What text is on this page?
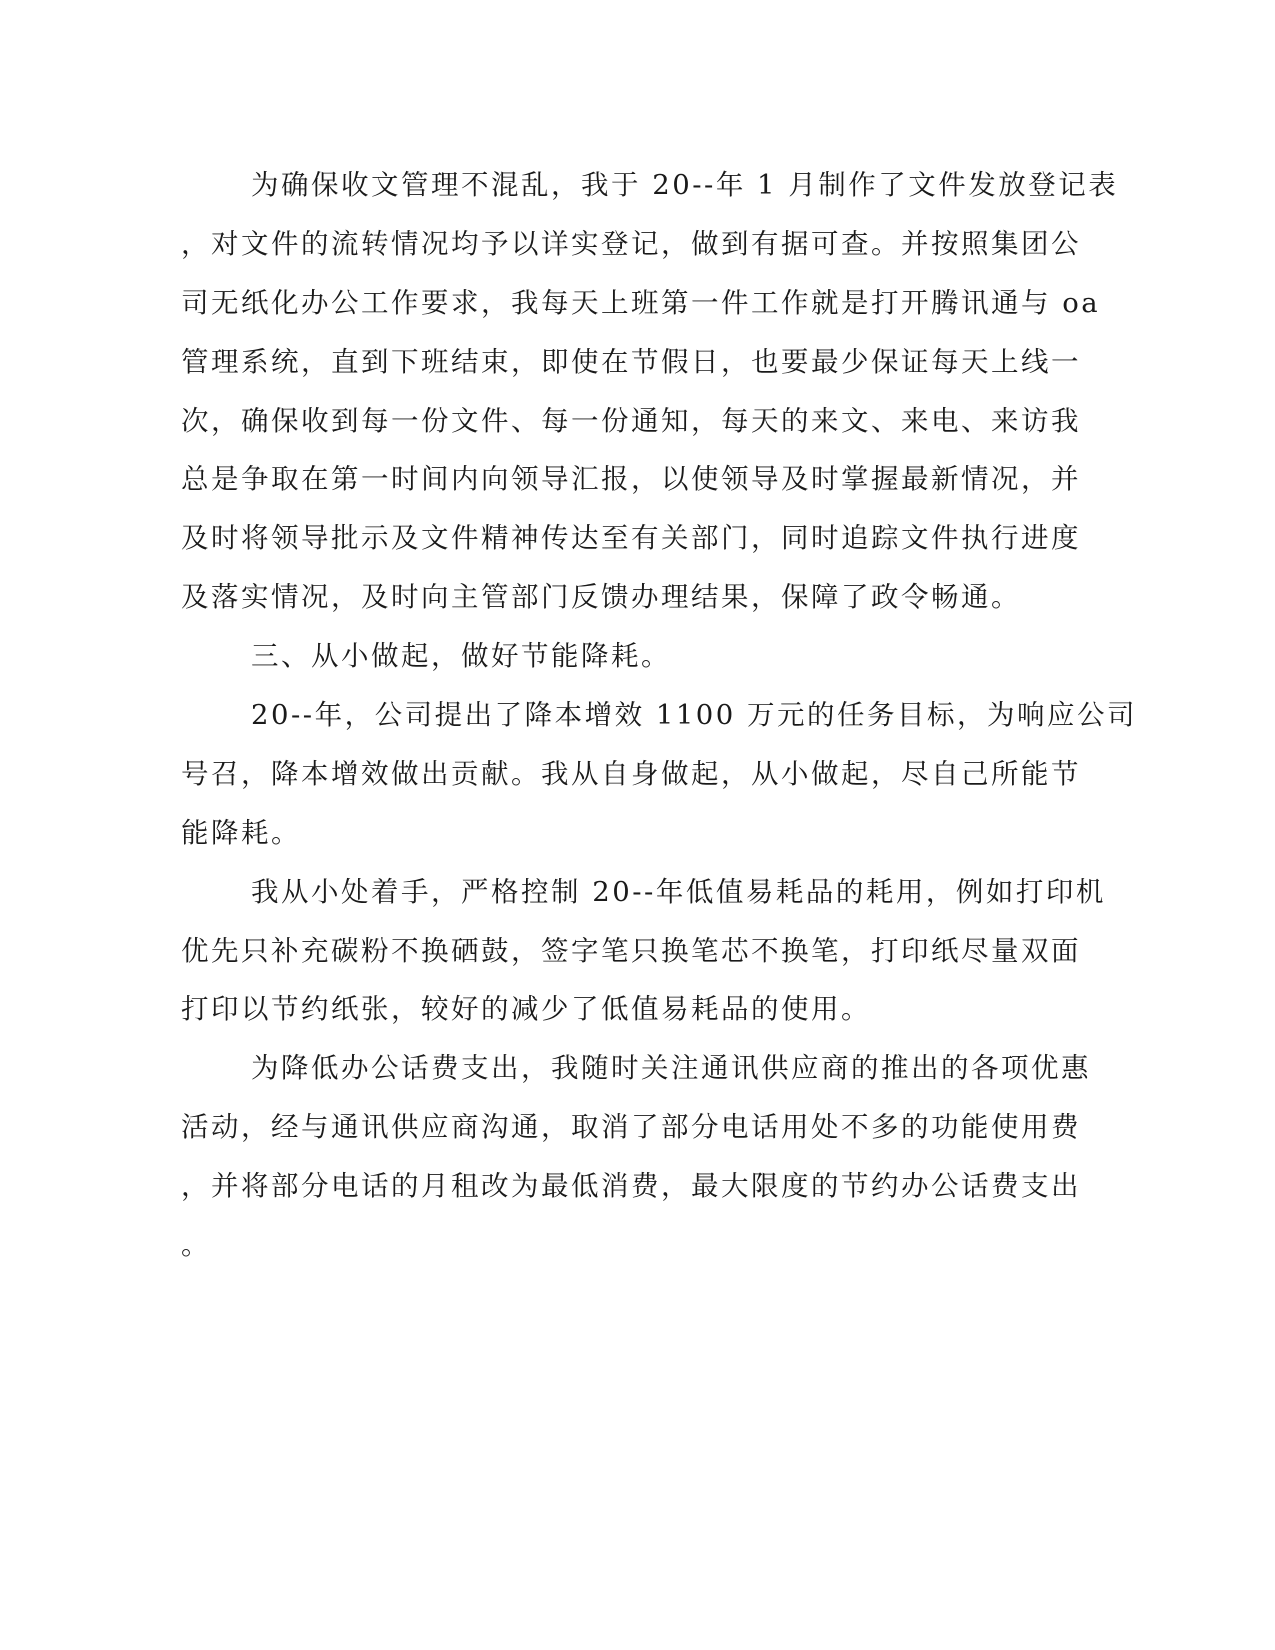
为确保收文管理不混乱，我于 20--年 1 月制作了文件发放登记表
，对文件的流转情况均予以详实登记，做到有据可查。并按照集团公
司无纸化办公工作要求，我每天上班第一件工作就是打开腾讯通与 oa
管理系统，直到下班结束，即使在节假日，也要最少保证每天上线一
次，确保收到每一份文件、每一份通知，每天的来文、来电、来访我
总是争取在第一时间内向领导汇报，以使领导及时掌握最新情况，并
及时将领导批示及文件精神传达至有关部门，同时追踪文件执行进度
及落实情况，及时向主管部门反馈办理结果，保障了政令畅通。
三、从小做起，做好节能降耗。
20--年，公司提出了降本增效 1100 万元的任务目标，为响应公司
号召，降本增效做出贡献。我从自身做起，从小做起，尽自己所能节
能降耗。
我从小处着手，严格控制 20--年低值易耗品的耗用，例如打印机
优先只补充碳粉不换硒鼓，签字笔只换笔芯不换笔，打印纸尽量双面
打印以节约纸张，较好的减少了低值易耗品的使用。
为降低办公话费支出，我随时关注通讯供应商的推出的各项优惠
活动，经与通讯供应商沟通，取消了部分电话用处不多的功能使用费
，并将部分电话的月租改为最低消费，最大限度的节约办公话费支出
。
